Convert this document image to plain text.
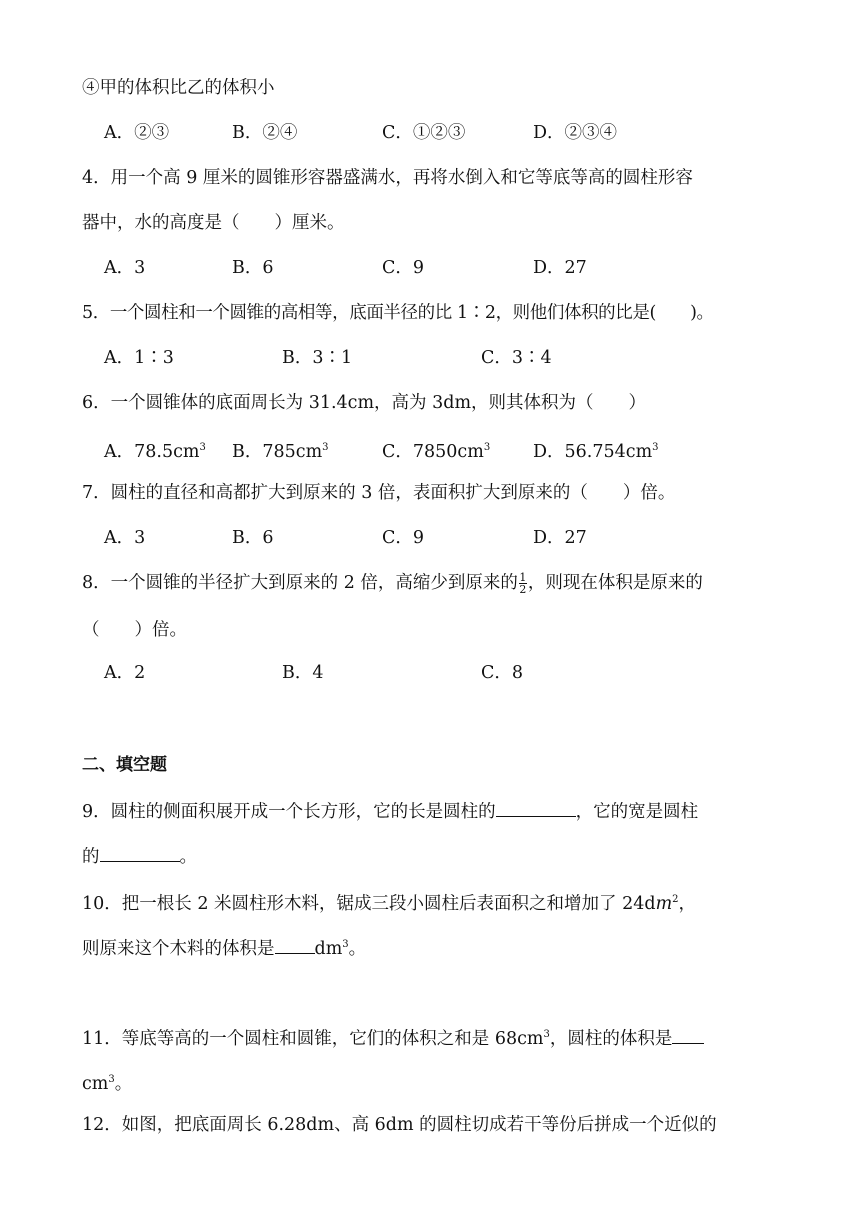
④甲的体积比乙的体积小
A．②③	B．②④	C．①②③	D．②③④
4．用一个高 9 厘米的圆锥形容器盛满水，再将水倒入和它等底等高的圆柱形容
器中，水的高度是（　　）厘米。
A．3	B．6	C．9	D．27
5．一个圆柱和一个圆锥的高相等，底面半径的比 1∶2，则他们体积的比是(　　)。
A．1∶3	B．3∶1	C．3∶4
6．一个圆锥体的底面周长为 31.4cm，高为 3dm，则其体积为（　　）
A．$78.5cm^3$ B．$785cm^3$	C．$7850cm^3$ D．$56.754cm^3$
7．圆柱的直径和高都扩大到原来的 3 倍，表面积扩大到原来的（　　）倍。
A．3	B．6	C．9	D．27
8．一个圆锥的半径扩大到原来的 2 倍，高缩少到原来的 $\frac{1}{2}$ ，则现在体积是原来的
（　　）倍。
A．2	B．4	C．8
二、填空题
9．圆柱的侧面积展开成一个长方形，它的长是圆柱的	，它的宽是圆柱
的	。
10．把一根长 2 米圆柱形木料，锯成三段小圆柱后表面积之和增加了 $24dm^2$，
则原来这个木料的体积是 $dm^3$。
11．等底等高的一个圆柱和圆锥，它们的体积之和是 $68cm^3$，圆柱的体积是
$cm^3$。
12．如图，把底面周长 6.28dm、高 6dm 的圆柱切成若干等份后拼成一个近似的
